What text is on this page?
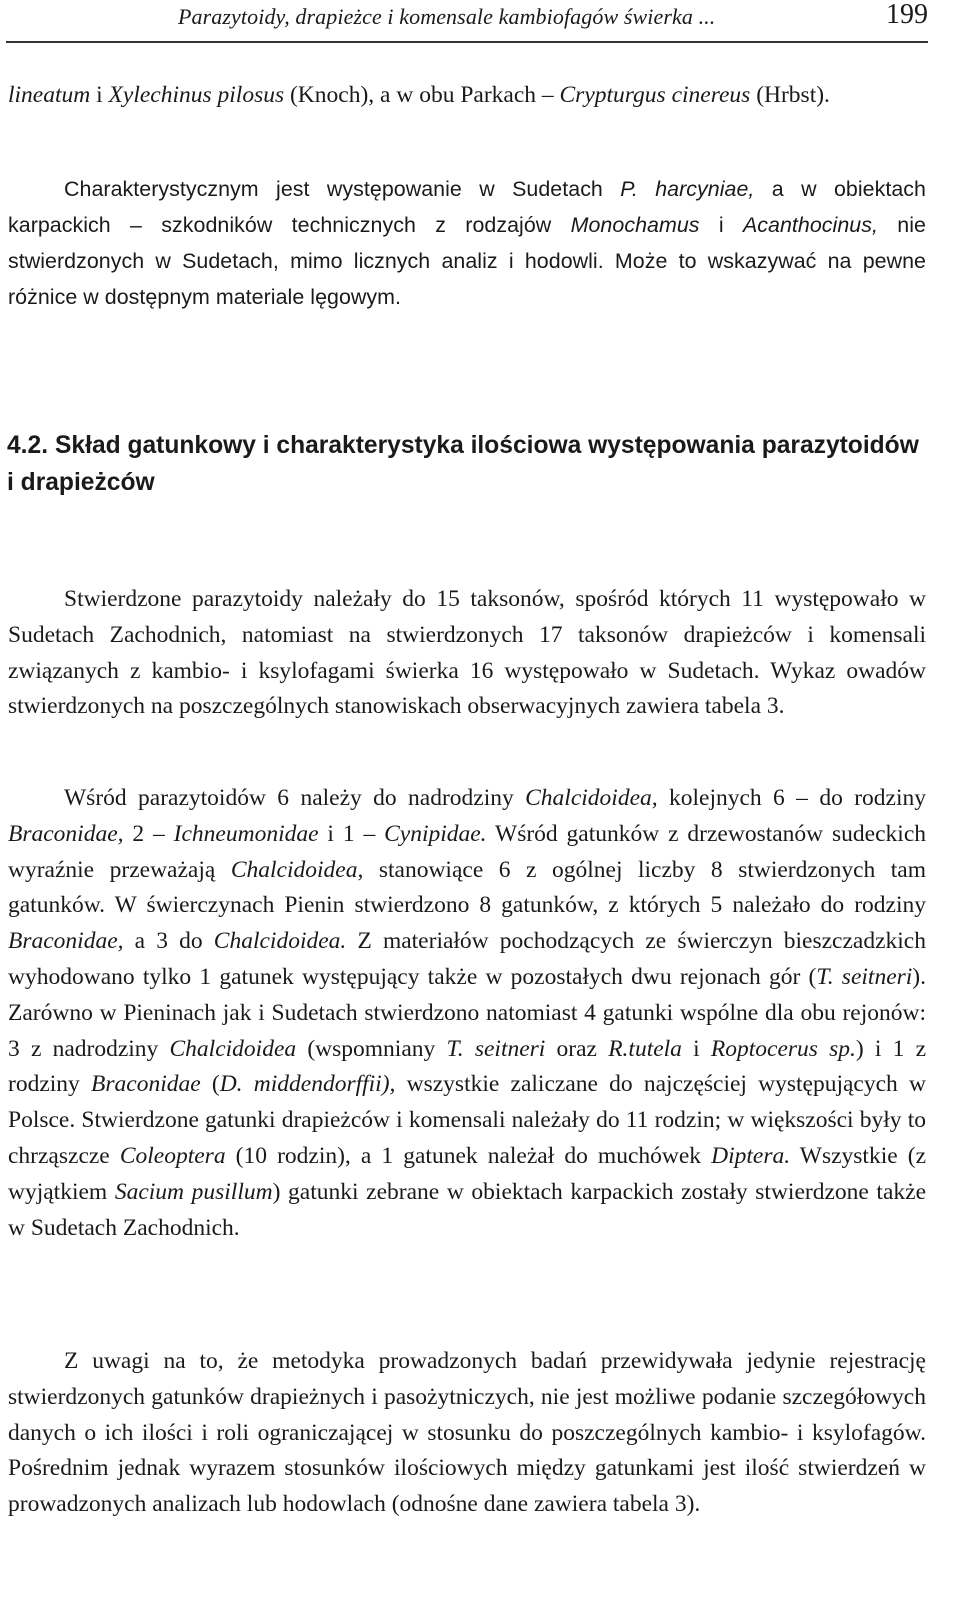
Parazytoidy, drapieżce i komensale kambiofagów świerka ...	199

lineatum i Xylechinus pilosus (Knoch), a w obu Parkach – Crypturgus cinereus (Hrbst).

Charakterystycznym jest występowanie w Sudetach P. harcyniae, a w obiektach karpackich – szkodników technicznych z rodzajów Monochamus i Acanthocinus, nie stwierdzonych w Sudetach, mimo licznych analiz i hodowli. Może to wskazywać na pewne różnice w dostępnym materiale lęgowym.

4.2. Skład gatunkowy i charakterystyka ilościowa występowania parazytoidów i drapieżców

Stwierdzone parazytoidy należały do 15 taksonów, spośród których 11 występowało w Sudetach Zachodnich, natomiast na stwierdzonych 17 taksonów drapieżców i komensali związanych z kambio- i ksylofagami świerka 16 występowało w Sudetach. Wykaz owadów stwierdzonych na poszczególnych stanowiskach obserwacyjnych zawiera tabela 3.

Wśród parazytoidów 6 należy do nadrodziny Chalcidoidea, kolejnych 6 – do rodziny Braconidae, 2 – Ichneumonidae i 1 – Cynipidae. Wśród gatunków z drzewostanów sudeckich wyraźnie przeważają Chalcidoidea, stanowiące 6 z ogólnej liczby 8 stwierdzonych tam gatunków. W świerczynach Pienin stwierdzono 8 gatunków, z których 5 należało do rodziny Braconidae, a 3 do Chalcidoidea. Z materiałów pochodzących ze świerczyn bieszczadzkich wyhodowano tylko 1 gatunek występujący także w pozostałych dwu rejonach gór (T. seitneri). Zarówno w Pieninach jak i Sudetach stwierdzono natomiast 4 gatunki wspólne dla obu rejonów: 3 z nadrodziny Chalcidoidea (wspomniany T. seitneri oraz R.tutela i Roptocerus sp.) i 1 z rodziny Braconidae (D. middendorffii), wszystkie zaliczane do najczęściej występujących w Polsce. Stwierdzone gatunki drapieżców i komensali należały do 11 rodzin; w większości były to chrząszcze Coleoptera (10 rodzin), a 1 gatunek należał do muchówek Diptera. Wszystkie (z wyjątkiem Sacium pusillum) gatunki zebrane w obiektach karpackich zostały stwierdzone także w Sudetach Zachodnich.

Z uwagi na to, że metodyka prowadzonych badań przewidywała jedynie rejestrację stwierdzonych gatunków drapieżnych i pasożytniczych, nie jest możliwe podanie szczegółowych danych o ich ilości i roli ograniczającej w stosunku do poszczególnych kambio- i ksylofagów. Pośrednim jednak wyrazem stosunków ilościowych między gatunkami jest ilość stwierdzeń w prowadzonych analizach lub hodowlach (odnośne dane zawiera tabela 3).
